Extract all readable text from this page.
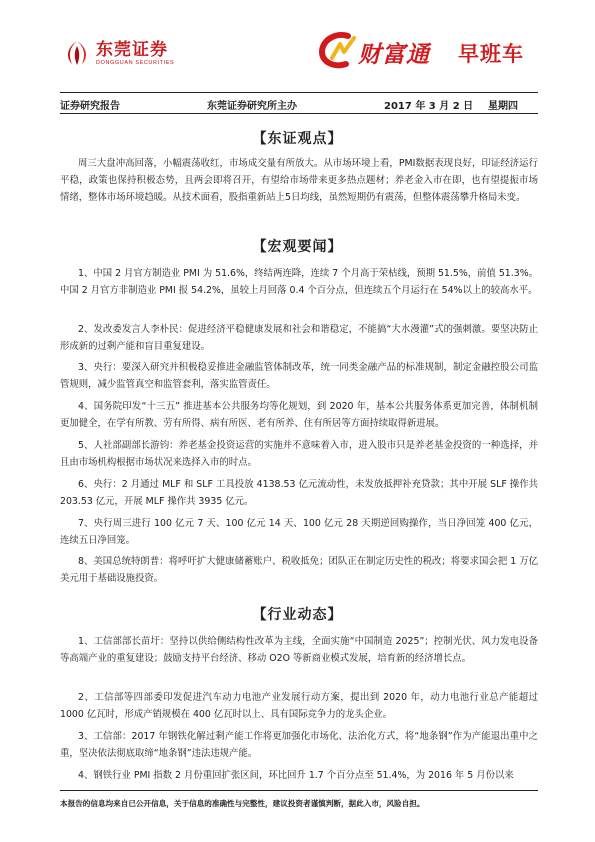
东莞证券
DONGGUAN SECURITIES	财富通 早班车
证券研究报告	东莞证券研究所主办	2017 年 3 月 2 日 星期四
【东证观点】

周三大盘冲高回落，小幅震荡收红，市场成交量有所放大。从市场环境上看，PMI数据表现良好，印证经济运行平稳，政策也保持积极态势，且两会即将召开，有望给市场带来更多热点题材；养老金入市在即，也有望提振市场情绪，整体市场环境趋暖。从技术面看，股指重新站上5日均线，虽然短期仍有震荡，但整体震荡攀升格局未变。

【宏观要闻】

1、中国 2 月官方制造业 PMI 为 51.6%，终结两连降，连续 7 个月高于荣枯线，预期 51.5%，前值 51.3%。中国 2 月官方非制造业 PMI 报 54.2%，虽较上月回落 0.4 个百分点，但连续五个月运行在 54%以上的较高水平。

2、发改委发言人李朴民：促进经济平稳健康发展和社会和谐稳定，不能搞“大水漫灌”式的强刺激。要坚决防止形成新的过剩产能和盲目重复建设。

3、央行：要深入研究并积极稳妥推进金融监管体制改革，统一同类金融产品的标准规制，制定金融控股公司监管规则，减少监管真空和监管套利，落实监管责任。

4、国务院印发“十三五” 推进基本公共服务均等化规划，到 2020 年，基本公共服务体系更加完善，体制机制更加健全，在学有所教、劳有所得、病有所医、老有所养、住有所居等方面持续取得新进展。

5、人社部副部长游钧：养老基金投资运营的实施并不意味着入市，进入股市只是养老基金投资的一种选择，并且由市场机构根据市场状况来选择入市的时点。

6、央行：2 月通过 MLF 和 SLF 工具投放 4138.53 亿元流动性，未发放抵押补充贷款；其中开展 SLF 操作共 203.53 亿元，开展 MLF 操作共 3935 亿元。

7、央行周三进行 100 亿元 7 天、100 亿元 14 天、100 亿元 28 天期逆回购操作，当日净回笼 400 亿元，连续五日净回笼。

8、美国总统特朗普：将呼吁扩大健康储蓄账户、税收抵免；团队正在制定历史性的税改；将要求国会把 1 万亿美元用于基础设施投资。

【行业动态】

1、工信部部长苗圩：坚持以供给侧结构性改革为主线，全面实施“中国制造 2025”；控制光伏、风力发电设备等高端产业的重复建设；鼓励支持平台经济、移动 O2O 等新商业模式发展，培育新的经济增长点。

2、工信部等四部委印发促进汽车动力电池产业发展行动方案，提出到 2020 年，动力电池行业总产能超过 1000 亿瓦时，形成产销规模在 400 亿瓦时以上、具有国际竞争力的龙头企业。

3、工信部：2017 年钢铁化解过剩产能工作将更加强化市场化、法治化方式，将“地条钢”作为产能退出重中之重，坚决依法彻底取缔“地条钢”违法违规产能。

4、钢铁行业 PMI 指数 2 月份重回扩张区间，环比回升 1.7 个百分点至 51.4%，为 2016 年 5 月份以来

本报告的信息均来自已公开信息，关于信息的准确性与完整性，建议投资者谨慎判断，据此入市，风险自担。
